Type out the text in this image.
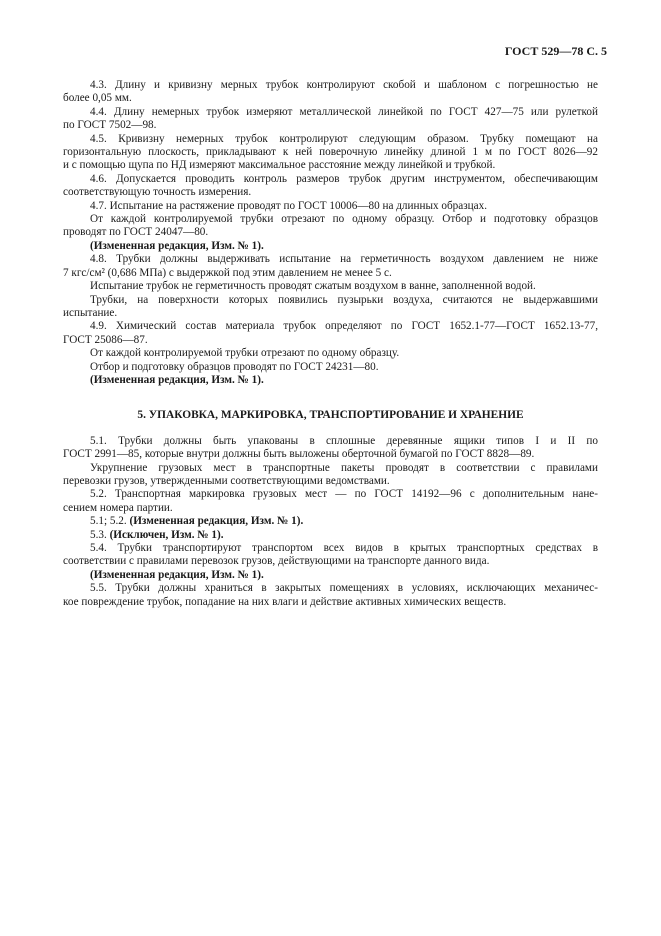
ГОСТ 529—78 С. 5
4.3. Длину и кривизну мерных трубок контролируют скобой и шаблоном с погрешностью не
более 0,05 мм.
4.4. Длину немерных трубок измеряют металлической линейкой по ГОСТ 427—75 или рулеткой
по ГОСТ 7502—98.
4.5. Кривизну немерных трубок контролируют следующим образом. Трубку помещают на
горизонтальную плоскость, прикладывают к ней поверочную линейку длиной 1 м по ГОСТ 8026—92
и с помощью щупа по НД измеряют максимальное расстояние между линейкой и трубкой.
4.6. Допускается проводить контроль размеров трубок другим инструментом, обеспечивающим
соответствующую точность измерения.
4.7. Испытание на растяжение проводят по ГОСТ 10006—80 на длинных образцах.
От каждой контролируемой трубки отрезают по одному образцу. Отбор и подготовку образцов
проводят по ГОСТ 24047—80.
(Измененная редакция, Изм. № 1).
4.8. Трубки должны выдерживать испытание на герметичность воздухом давлением не ниже
7 кгс/см² (0,686 МПа) с выдержкой под этим давлением не менее 5 с.
Испытание трубок не герметичность проводят сжатым воздухом в ванне, заполненной водой.
Трубки, на поверхности которых появились пузырьки воздуха, считаются не выдержавшими
испытание.
4.9. Химический состав материала трубок определяют по ГОСТ 1652.1-77—ГОСТ 1652.13-77,
ГОСТ 25086—87.
От каждой контролируемой трубки отрезают по одному образцу.
Отбор и подготовку образцов проводят по ГОСТ 24231—80.
(Измененная редакция, Изм. № 1).
5. УПАКОВКА, МАРКИРОВКА, ТРАНСПОРТИРОВАНИЕ И ХРАНЕНИЕ
5.1. Трубки должны быть упакованы в сплошные деревянные ящики типов I и II по
ГОСТ 2991—85, которые внутри должны быть выложены оберточной бумагой по ГОСТ 8828—89.
Укрупнение грузовых мест в транспортные пакеты проводят в соответствии с правилами
перевозки грузов, утвержденными соответствующими ведомствами.
5.2. Транспортная маркировка грузовых мест — по ГОСТ 14192—96 с дополнительным нане-
сением номера партии.
5.1; 5.2. (Измененная редакция, Изм. № 1).
5.3. (Исключен, Изм. № 1).
5.4. Трубки транспортируют транспортом всех видов в крытых транспортных средствах в
соответствии с правилами перевозок грузов, действующими на транспорте данного вида.
(Измененная редакция, Изм. № 1).
5.5. Трубки должны храниться в закрытых помещениях в условиях, исключающих механичес-
кое повреждение трубок, попадание на них влаги и действие активных химических веществ.
